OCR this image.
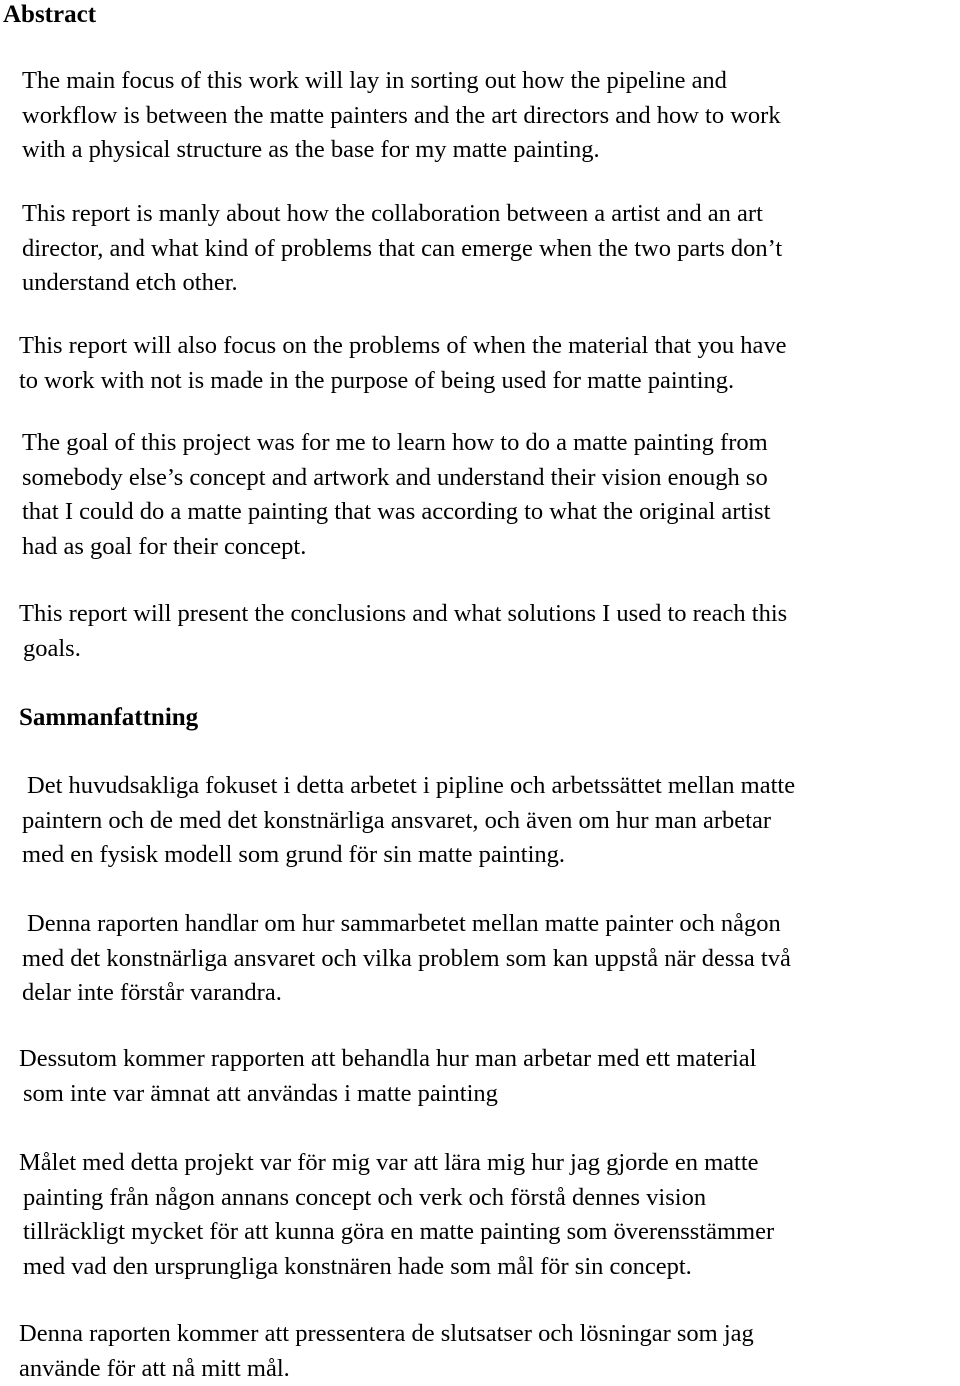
Abstract

The main focus of this work will lay in sorting out how the pipeline and
workflow is between the matte painters and the art directors and how to work
with a physical structure as the base for my matte painting.

This report is manly about how the collaboration between a artist and an art
director, and what kind of problems that can emerge when the two parts don’t
understand etch other.

This report will also focus on the problems of when the material that you have
to work with not is made in the purpose of being used for matte painting.

The goal of this project was for me to learn how to do a matte painting from
somebody else’s concept and artwork and understand their vision enough so
that I could do a matte painting that was according to what the original artist
had as goal for their concept.

This report will present the conclusions and what solutions I used to reach this
goals.

Sammanfattning

Det huvudsakliga fokuset i detta arbetet i pipline och arbetssättet mellan matte
paintern och de med det konstnärliga ansvaret, och även om hur man arbetar
med en fysisk modell som grund för sin matte painting.

Denna raporten handlar om hur sammarbetet mellan matte painter och någon
med det konstnärliga ansvaret och vilka problem som kan uppstå när dessa två
delar inte förstår varandra.

Dessutom kommer rapporten att behandla hur man arbetar med ett material
som inte var ämnat att användas i matte painting

Målet med detta projekt var för mig var att lära mig hur jag gjorde en matte
painting från någon annans concept och verk och förstå dennes vision
tillräckligt mycket för att kunna göra en matte painting som överensstämmer
med vad den ursprungliga konstnären hade som mål för sin concept.

Denna raporten kommer att pressentera de slutsatser och lösningar som jag
använde för att nå mitt mål.
